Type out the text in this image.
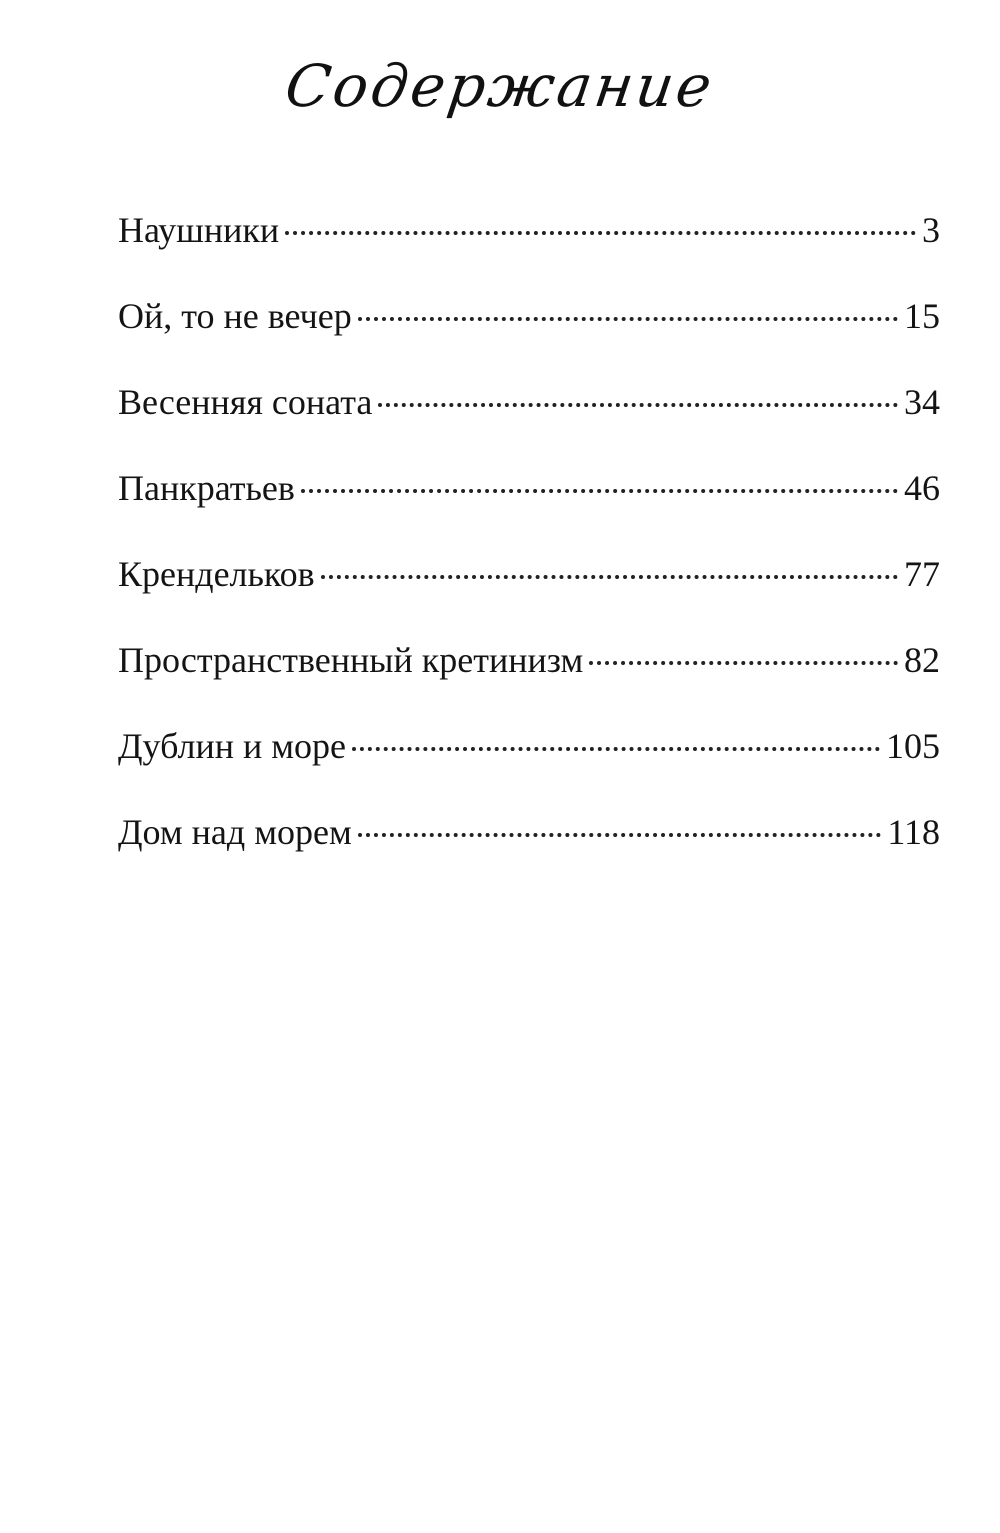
Содержание
Наушники	3
Ой, то не вечер	15
Весенняя соната	34
Панкратьев	46
Крендельков	77
Пространственный кретинизм	82
Дублин и море	105
Дом над морем	118
